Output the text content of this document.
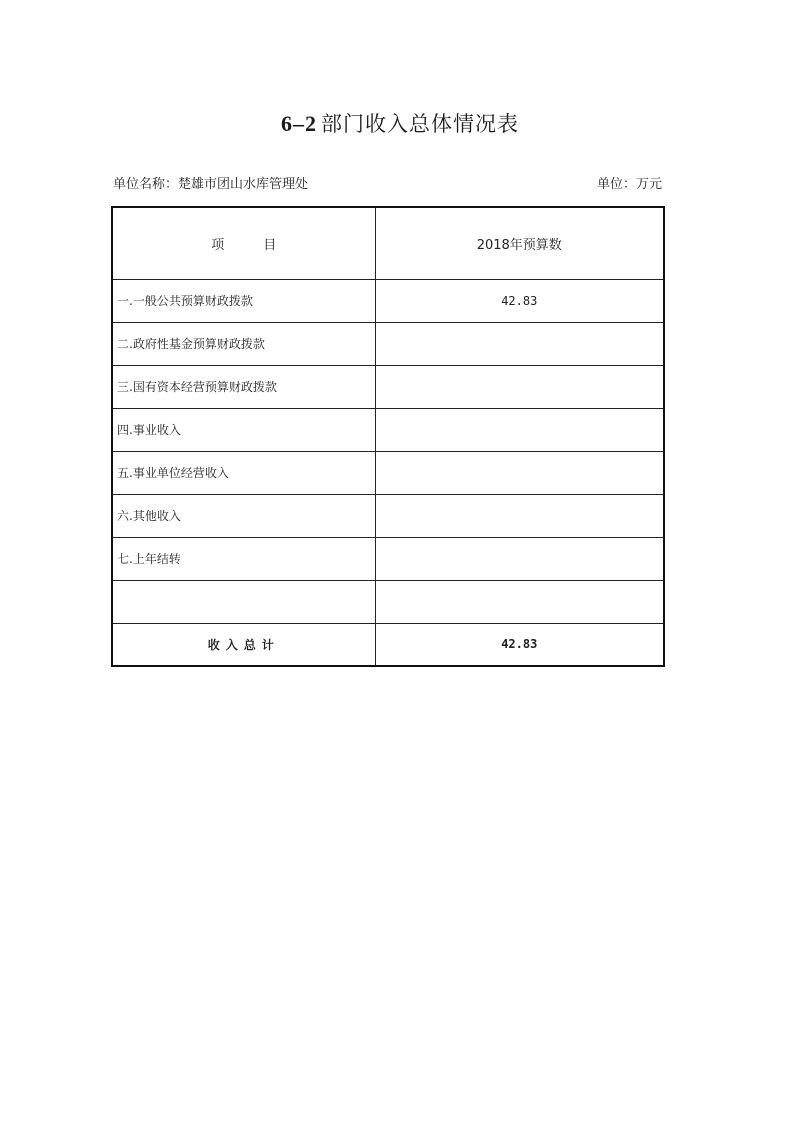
6–2 部门收入总体情况表
单位名称：楚雄市团山水库管理处	单位：万元
项　　　目	2018年预算数
一.一般公共预算财政拨款	42.83
二.政府性基金预算财政拨款	
三.国有资本经营预算财政拨款	
四.事业收入	
五.事业单位经营收入	
六.其他收入	
七.上年结转	

收入总计	42.83
